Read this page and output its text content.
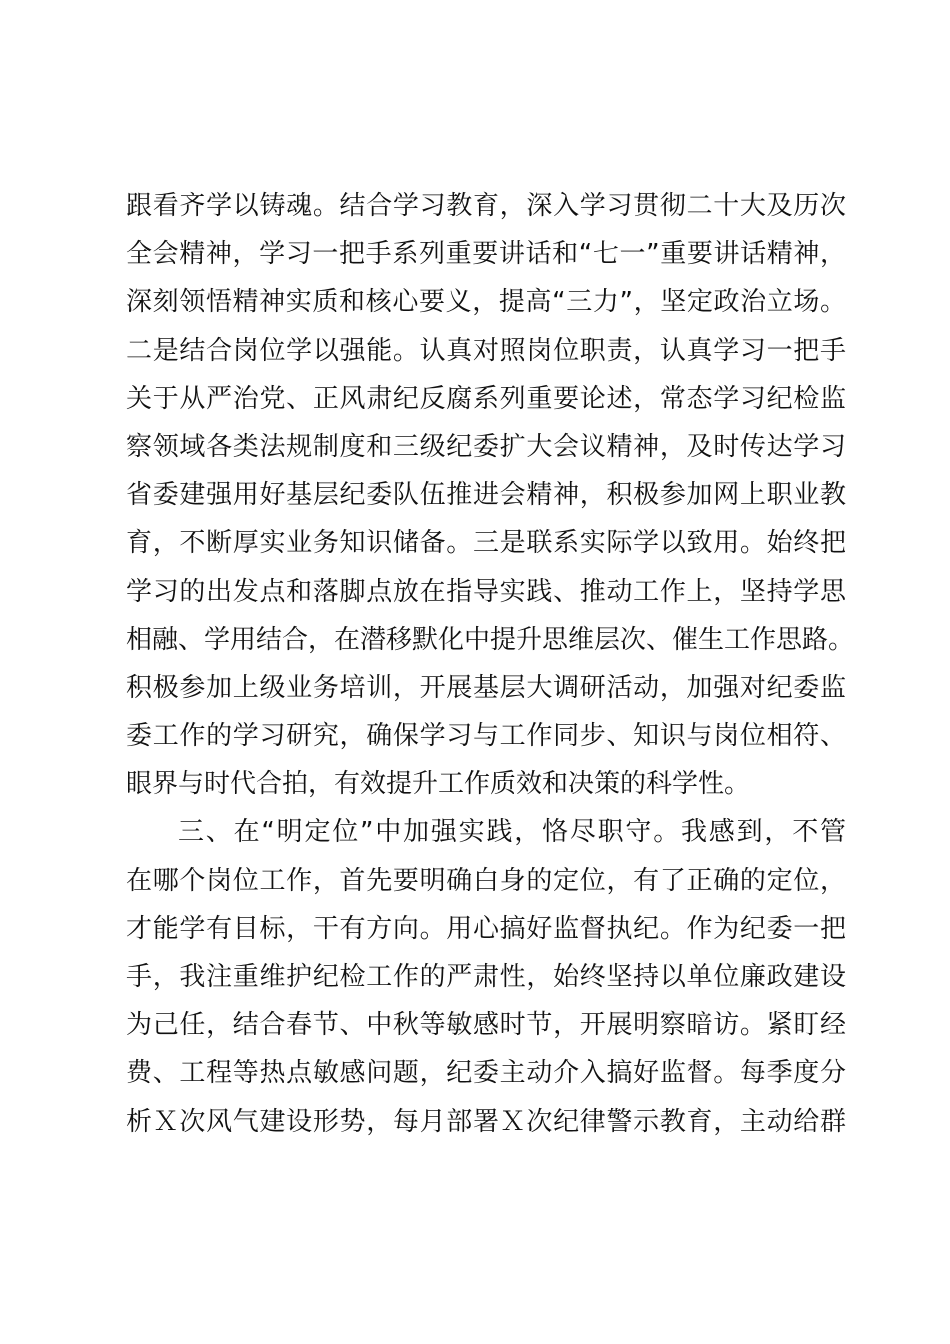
跟看齐学以铸魂。结合学习教育，深入学习贯彻二十大及历次
全会精神，学习一把手系列重要讲话和“七一”重要讲话精神，
深刻领悟精神实质和核心要义，提高“三力”，坚定政治立场。
二是结合岗位学以强能。认真对照岗位职责，认真学习一把手
关于从严治党、正风肃纪反腐系列重要论述，常态学习纪检监
察领域各类法规制度和三级纪委扩大会议精神，及时传达学习
省委建强用好基层纪委队伍推进会精神，积极参加网上职业教
育，不断厚实业务知识储备。三是联系实际学以致用。始终把
学习的出发点和落脚点放在指导实践、推动工作上，坚持学思
相融、学用结合，在潜移默化中提升思维层次、催生工作思路。
积极参加上级业务培训，开展基层大调研活动，加强对纪委监
委工作的学习研究，确保学习与工作同步、知识与岗位相符、
眼界与时代合拍，有效提升工作质效和决策的科学性。
三、在“明定位”中加强实践，恪尽职守。我感到，不管
在哪个岗位工作，首先要明确白身的定位，有了正确的定位，
才能学有目标，干有方向。用心搞好监督执纪。作为纪委一把
手，我注重维护纪检工作的严肃性，始终坚持以单位廉政建设
为己任，结合春节、中秋等敏感时节，开展明察暗访。紧盯经
费、工程等热点敏感问题，纪委主动介入搞好监督。每季度分
析Ｘ次风气建设形势，每月部署Ｘ次纪律警示教育，主动给群
